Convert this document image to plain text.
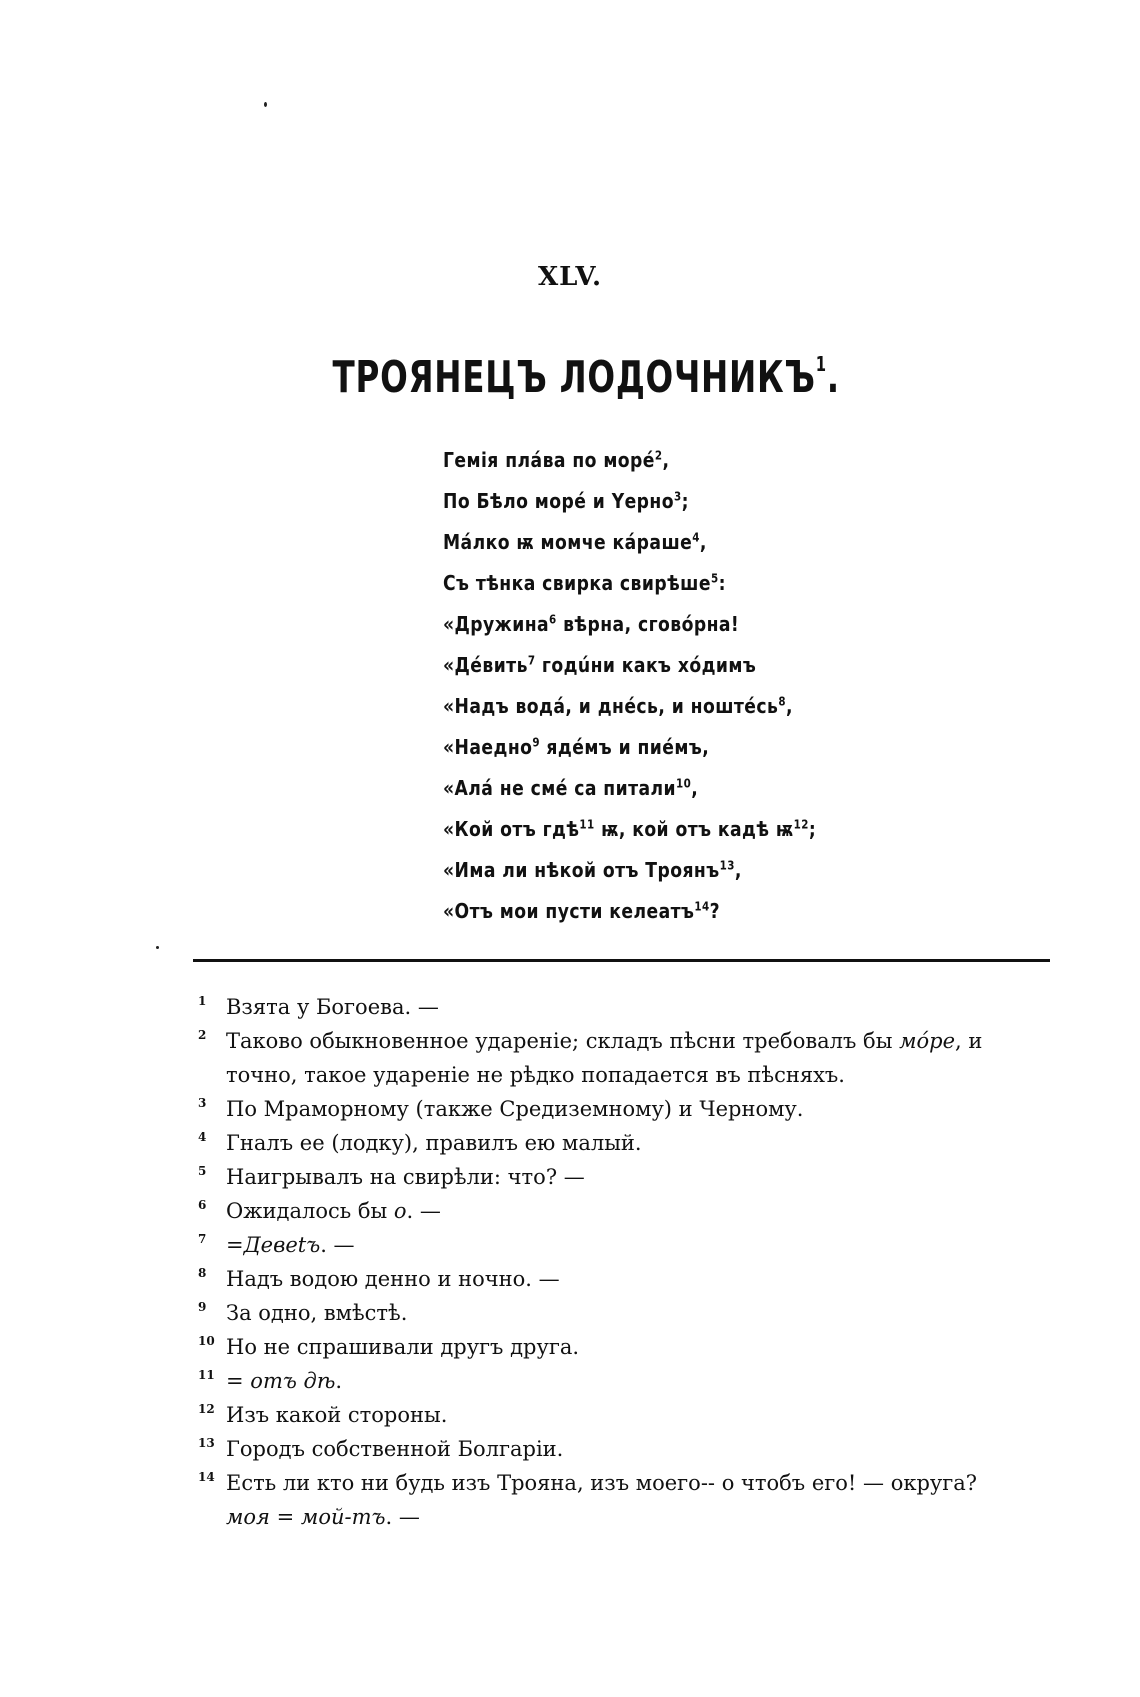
XLV.
ТРОЯНЕЦЪ ЛОДОЧНИКЪ$^1$.
Гемія плáва по морé$^2$,
По Бѣло морé и Үерно$^3$;
Мáлко ѭ момче кáраше$^4$,
Съ тѣнка свирка свирѣше$^5$:
«Дружина$^6$ вѣрна, сговóрна!
«Дéвить$^7$ годúни какъ хóдимъ
«Надъ водá, и днéсь, и ноштéсь$^8$,
«Наедно$^9$ ядéмъ и пиéмъ,
«Алá не смé са питали$^{10}$,
«Кой отъ гдѣ$^{11}$ ѭ, кой отъ кадѣ $ѭ^{12}$;
«Има ли нѣкой отъ Троянъ$^{13}$,
«Отъ мои пусти келеатъ$^{14}$?
1 Взята у Богоева. —
2 Таково обыкновенное удареніе; складъ пѣсни требовалъ бы мóре, и
точно, такое удареніе не рѣдко попадается въ пѣсняхъ.
3 По Мраморному (также Средиземному) и Черному.
4 Гналъ ее (лодку), правилъ ею малый.
5 Наигрывалъ на свирѣли: что? —
6 Ожидалось бы о. —
7 =Девеtъ. —
8 Надъ водою денно и ночно. —
9 За одно, вмѣстѣ.
10 Но не спрашивали другъ друга.
11 = отъ дѣ.
12 Изъ какой стороны.
13 Городъ собственной Болгаріи.
14 Есть ли кто ни будь изъ Трояна, изъ моего-- о чтобъ его! — округа?
моя = мой-тъ. —
